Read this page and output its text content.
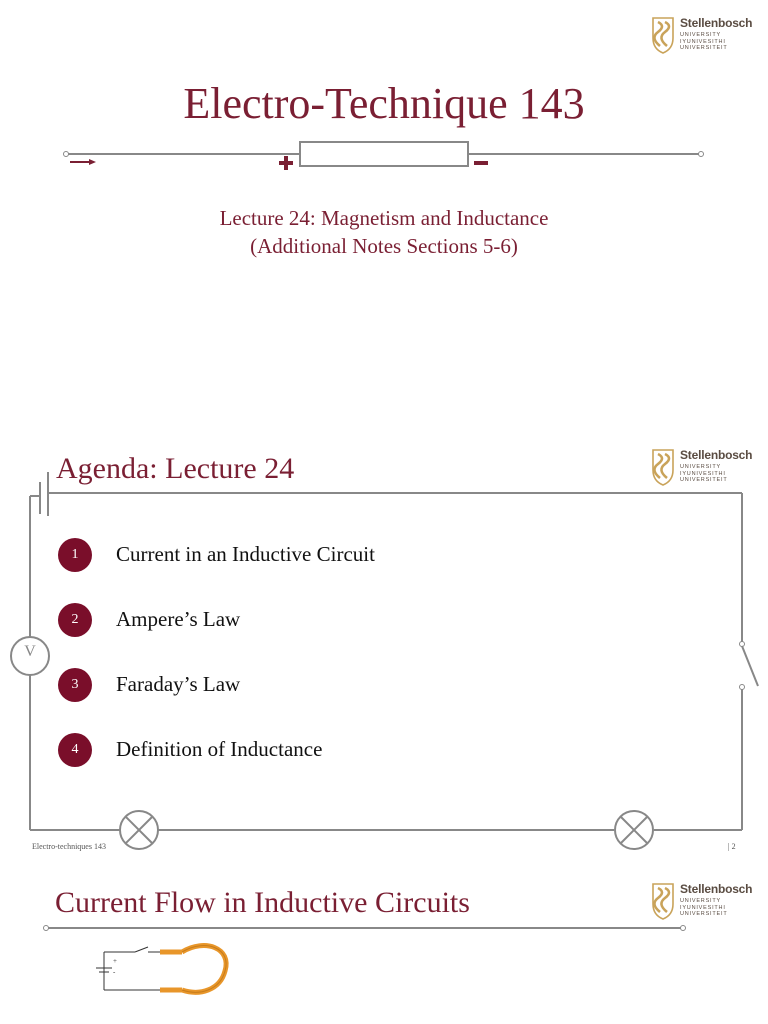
Stellenbosch
UNIVERSITY
IYUNIVESITHI
UNIVERSITEIT
Electro-Technique 143
Lecture 24: Magnetism and Inductance
(Additional Notes Sections 5-6)
V
Stellenbosch
UNIVERSITY
IYUNIVESITHI
UNIVERSITEIT
Agenda: Lecture 24
1	Current in an Inductive Circuit
2	Ampere’s Law
3	Faraday’s Law
4	Definition of Inductance
Electro-techniques 143	| 2
Stellenbosch
UNIVERSITY
IYUNIVESITHI
UNIVERSITEIT
Current Flow in Inductive Circuits
+
-
